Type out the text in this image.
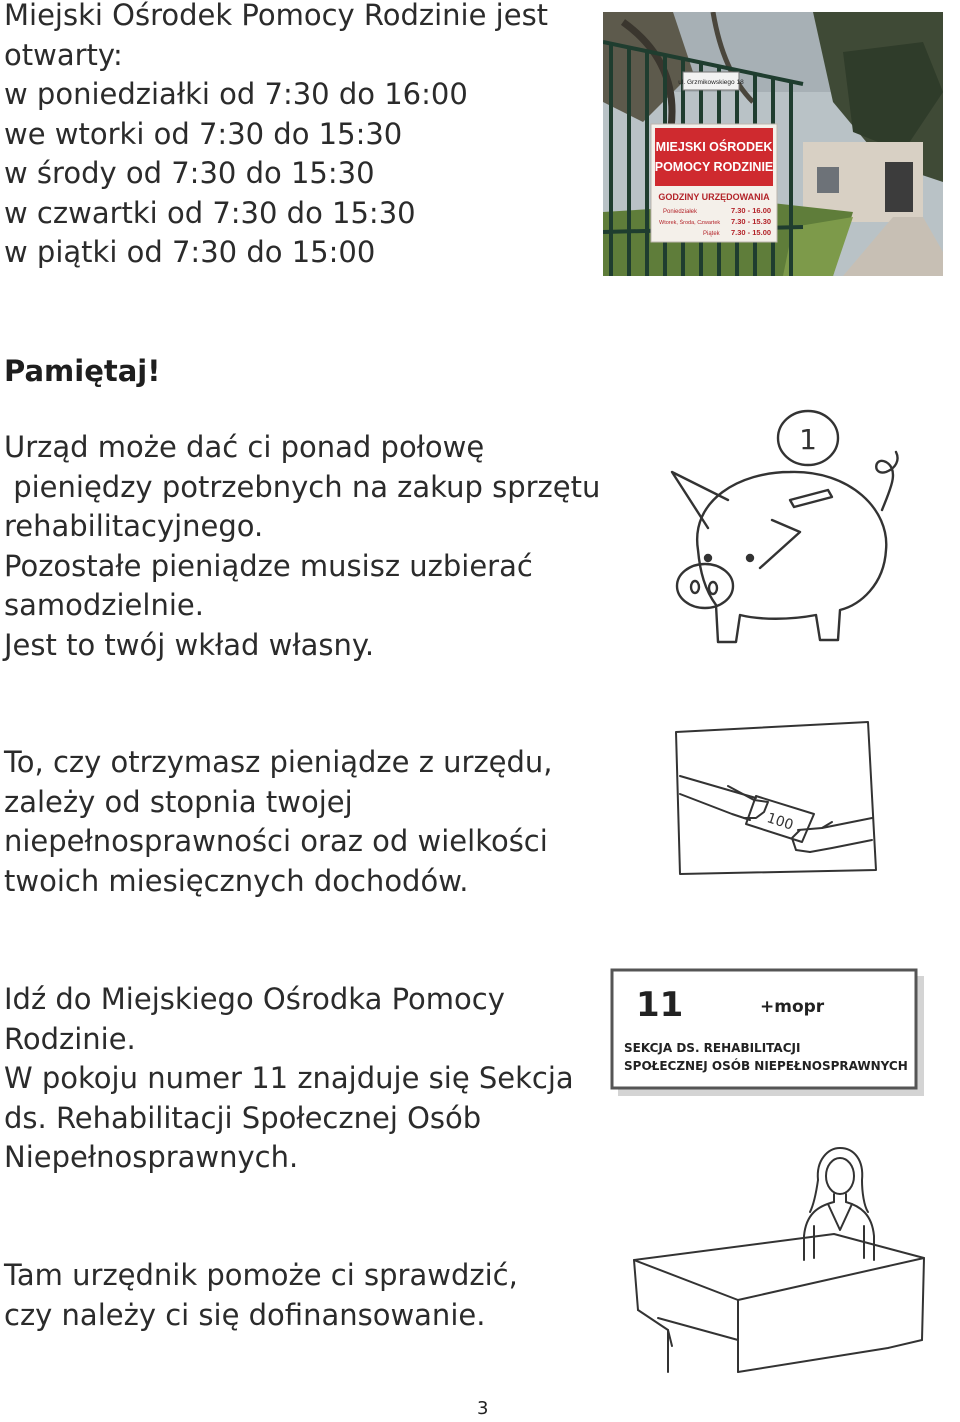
Miejski Ośrodek Pomocy Rodzinie jest
otwarty:
w poniedziałki od 7:30 do 16:00
we wtorki od 7:30 do 15:30
w środy od 7:30 do 15:30
w czwartki od 7:30 do 15:30
w piątki od 7:30 do 15:00
ul. Grzmikowskiego 18
MIEJSKI OŚRODEK
POMOCY RODZINIE
GODZINY URZĘDOWANIA
Poniedziałek	7.30 - 16.00
Wtorek, Środa, Czwartek 7.30 - 15.30
Piątek 7.30 - 15.00
Pamiętaj!
Urząd może dać ci ponad połowę
pieniędzy potrzebnych na zakup sprzętu
rehabilitacyjnego.
Pozostałe pieniądze musisz uzbierać
samodzielnie.
Jest to twój wkład własny.
1
To, czy otrzymasz pieniądze z urzędu,
zależy od stopnia twojej
niepełnosprawności oraz od wielkości
twoich miesięcznych dochodów.
100
Idź do Miejskiego Ośrodka Pomocy
Rodzinie.
W pokoju numer 11 znajduje się Sekcja
ds. Rehabilitacji Społecznej Osób
Niepełnosprawnych.
11	+mopr
SEKCJA DS. REHABILITACJI
SPOŁECZNEJ OSÓB NIEPEŁNOSPRAWNYCH
Tam urzędnik pomoże ci sprawdzić,
czy należy ci się dofinansowanie.
3
